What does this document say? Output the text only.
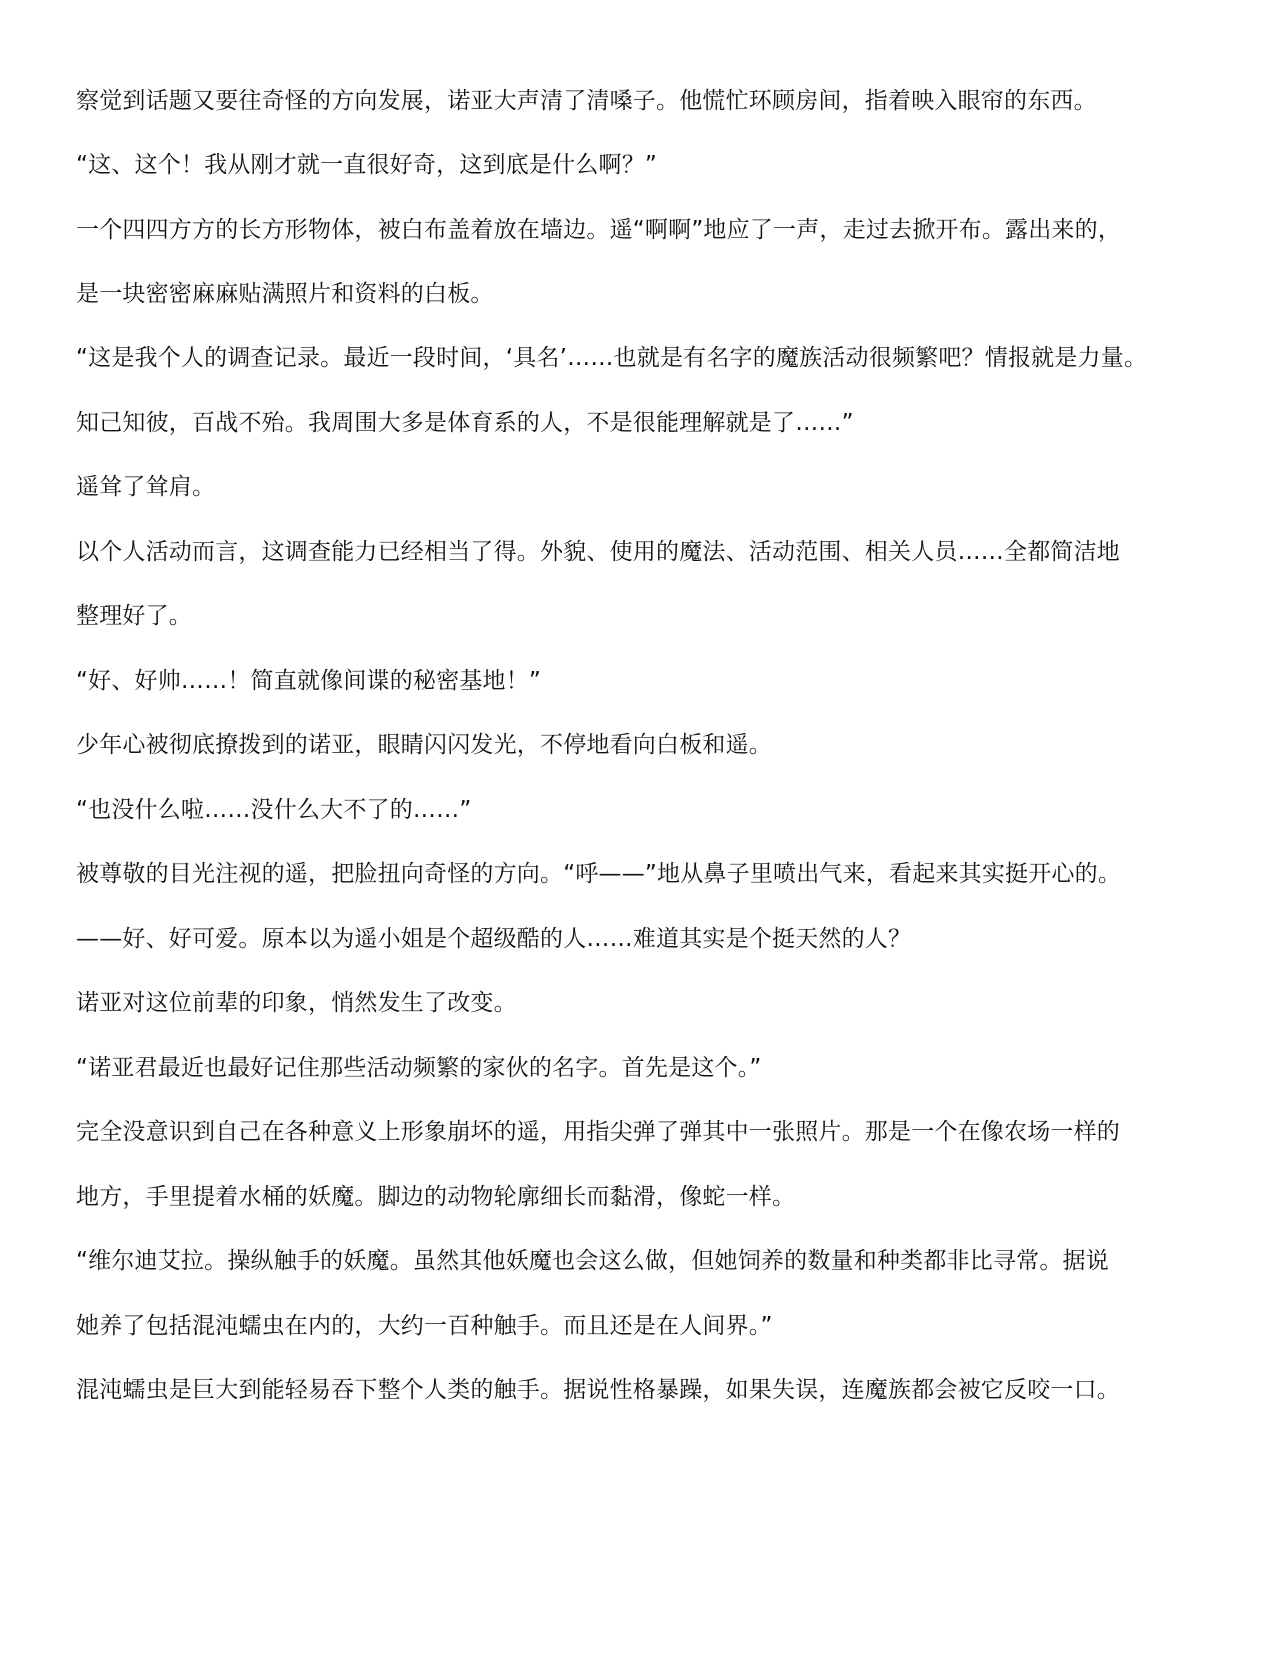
察觉到话题又要往奇怪的方向发展，诺亚大声清了清嗓子。他慌忙环顾房间，指着映入眼帘的东西。
“这、这个！我从刚才就一直很好奇，这到底是什么啊？”
一个四四方方的长方形物体，被白布盖着放在墙边。遥“啊啊”地应了一声，走过去掀开布。露出来的，
是一块密密麻麻贴满照片和资料的白板。
“这是我个人的调查记录。最近一段时间，‘具名’……也就是有名字的魔族活动很频繁吧？情报就是力量。
知己知彼，百战不殆。我周围大多是体育系的人，不是很能理解就是了……”
遥耸了耸肩。
以个人活动而言，这调查能力已经相当了得。外貌、使用的魔法、活动范围、相关人员……全都简洁地
整理好了。
“好、好帅……！简直就像间谍的秘密基地！”
少年心被彻底撩拨到的诺亚，眼睛闪闪发光，不停地看向白板和遥。
“也没什么啦……没什么大不了的……”
被尊敬的目光注视的遥，把脸扭向奇怪的方向。“呼——”地从鼻子里喷出气来，看起来其实挺开心的。
——好、好可爱。原本以为遥小姐是个超级酷的人……难道其实是个挺天然的人？
诺亚对这位前辈的印象，悄然发生了改变。
“诺亚君最近也最好记住那些活动频繁的家伙的名字。首先是这个。”
完全没意识到自己在各种意义上形象崩坏的遥，用指尖弹了弹其中一张照片。那是一个在像农场一样的
地方，手里提着水桶的妖魔。脚边的动物轮廓细长而黏滑，像蛇一样。
“维尔迪艾拉。操纵触手的妖魔。虽然其他妖魔也会这么做，但她饲养的数量和种类都非比寻常。据说
她养了包括混沌蠕虫在内的，大约一百种触手。而且还是在人间界。”
混沌蠕虫是巨大到能轻易吞下整个人类的触手。据说性格暴躁，如果失误，连魔族都会被它反咬一口。
